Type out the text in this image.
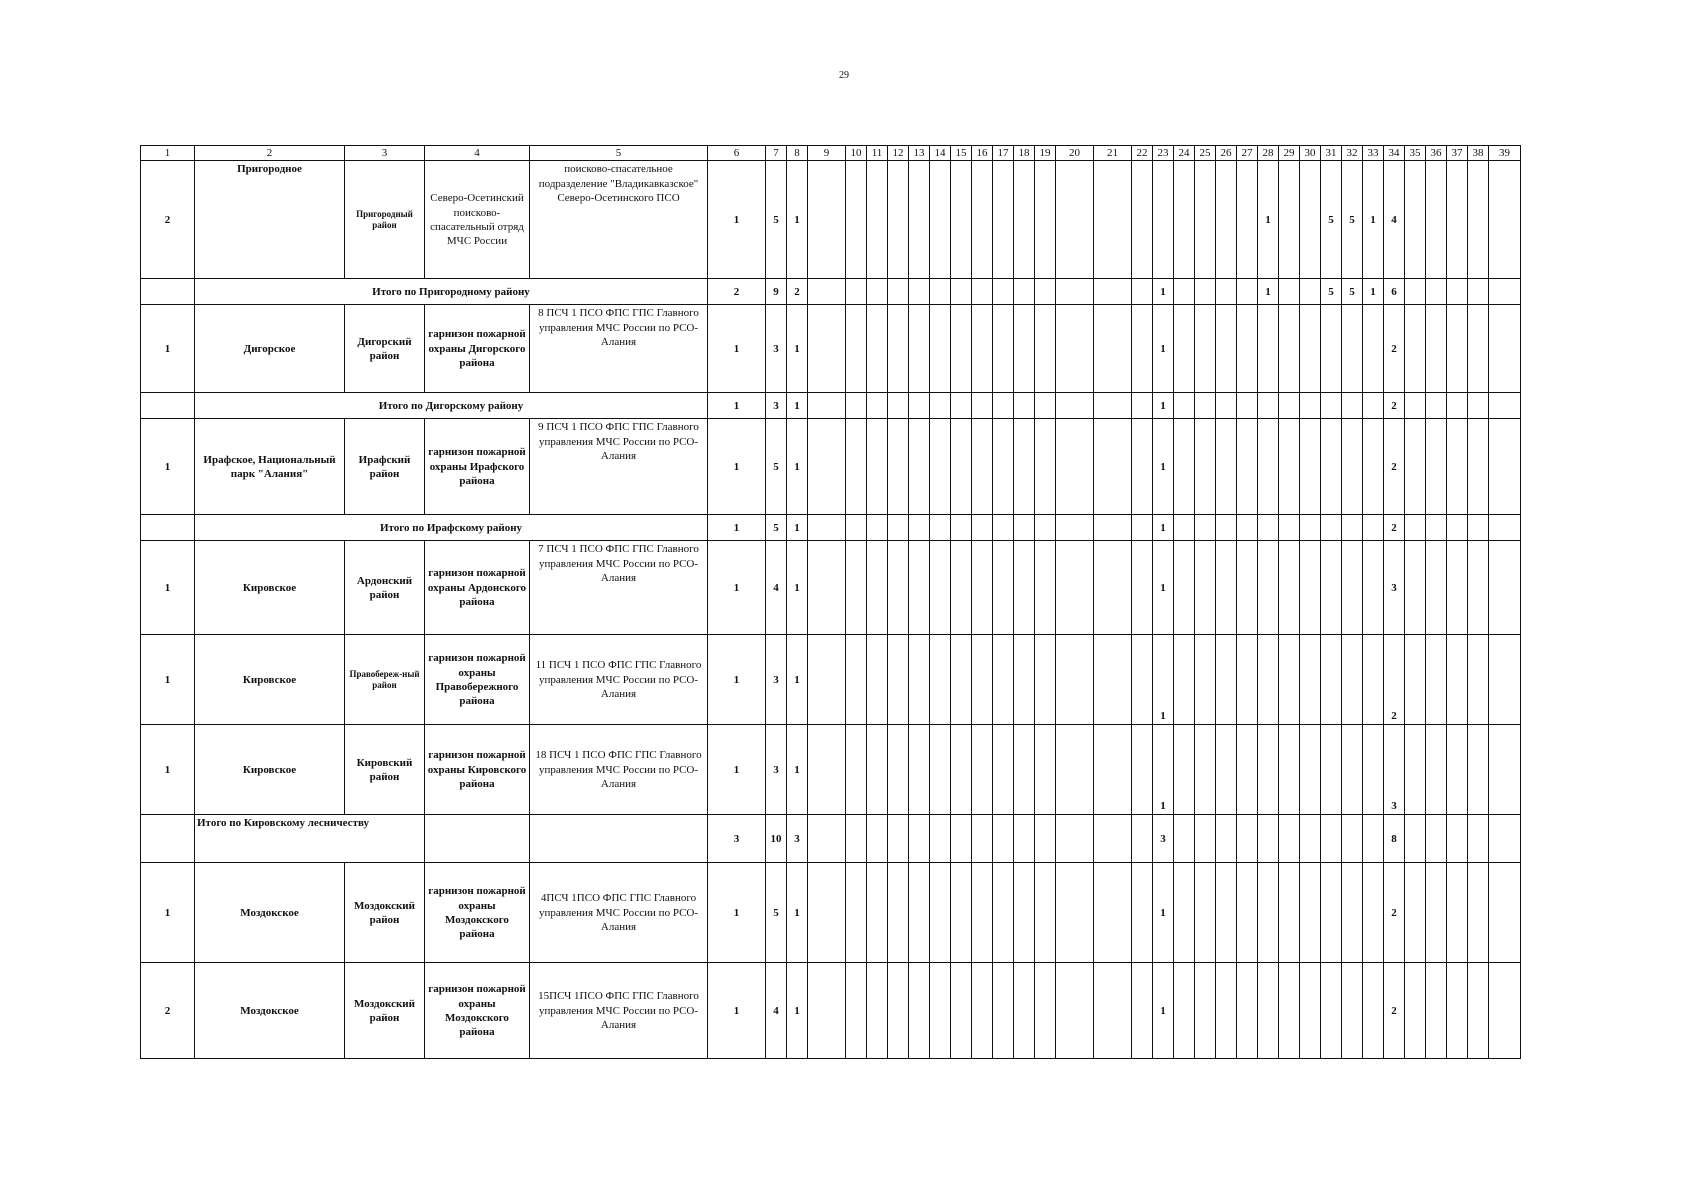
29
1	2	3	4	5	6	7	8	9	10	11	12	13	14	15	16	17	18	19	20	21	22	23	24	25	26	27	28	29	30	31	32	33	34	35	36	37	38	39
2	Пригородное	Пригородный район	Северо-Осетинский поисково-спасательный отряд МЧС России	поисково-спасательное подразделение "Владикавказское" Северо-Осетинского ПСО	1	5	1																				1			5	5	1	4					
	Итого по Пригородному району				2	9	2															1					1			5	5	1	6					
1	Дигорское	Дигорский район	гарнизон пожарной охраны Дигорского района	8 ПСЧ 1 ПСО ФПС ГПС Главного управления МЧС России по РСО-Алания	1	3	1															1											2					
	Итого по Дигорскому району				1	3	1															1											2					
1	Ирафское, Национальный парк "Алания"	Ирафский район	гарнизон пожарной охраны Ирафского района	9 ПСЧ 1 ПСО ФПС ГПС Главного управления МЧС России по РСО-Алания	1	5	1															1											2					
	Итого по Ирафскому району				1	5	1															1											2					
1	Кировское	Ардонский район	гарнизон пожарной охраны Ардонского района	7 ПСЧ 1 ПСО ФПС ГПС Главного управления МЧС России по РСО-Алания	1	4	1															1											3					
1	Кировское	Правобереж-ный район	гарнизон пожарной охраны Правобережного района	11 ПСЧ 1 ПСО ФПС ГПС Главного управления МЧС России по РСО-Алания	1	3	1															1											2					
1	Кировское	Кировский район	гарнизон пожарной охраны Кировского района	18 ПСЧ 1 ПСО ФПС ГПС Главного управления МЧС России по РСО-Алания	1	3	1															1											3					
	Итого по Кировскому лесничеству				3	10	3															3											8					
1	Моздокское	Моздокский район	гарнизон пожарной охраны Моздокского района	4ПСЧ 1ПСО ФПС ГПС Главного управления МЧС России по РСО-Алания	1	5	1															1											2					
2	Моздокское	Моздокский район	гарнизон пожарной охраны Моздокского района	15ПСЧ 1ПСО ФПС ГПС Главного управления МЧС России по РСО-Алания	1	4	1															1											2					
